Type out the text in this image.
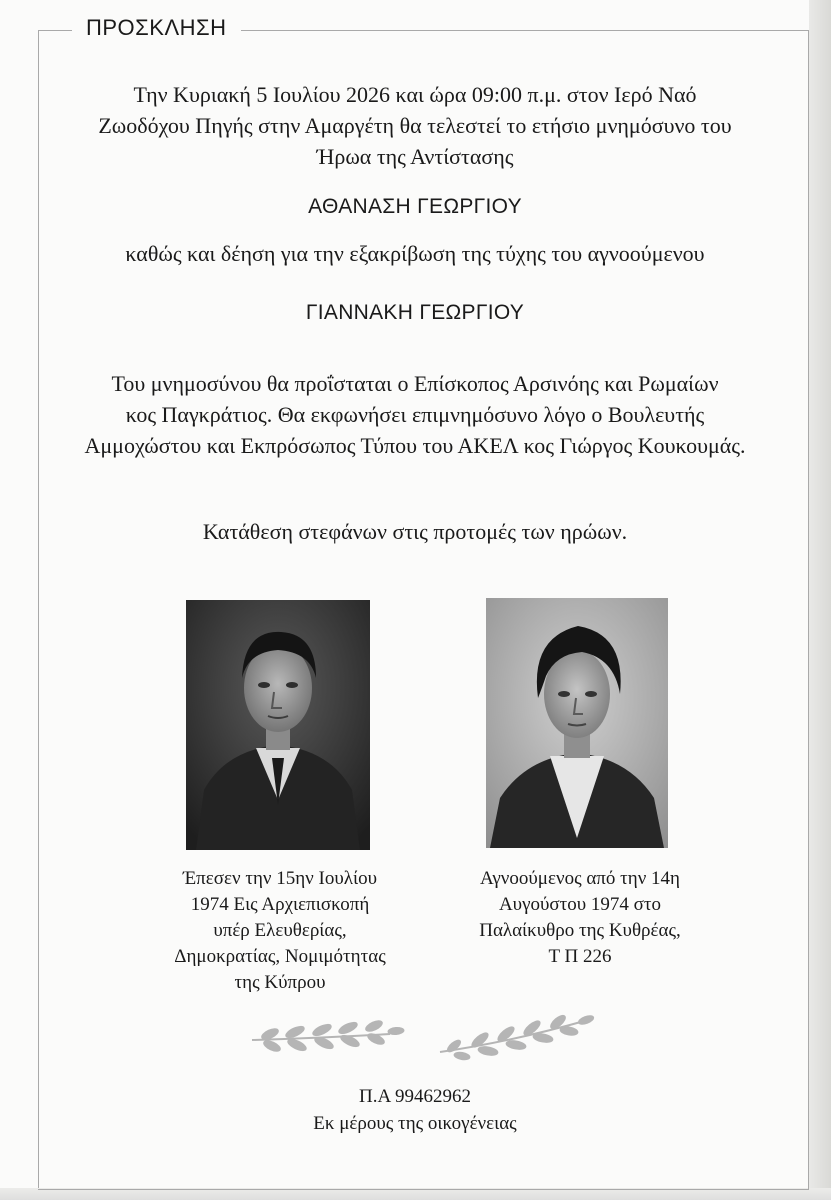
ΠΡΟΣΚΛΗΣΗ
Την Κυριακή 5 Ιουλίου 2026 και ώρα 09:00 π.μ. στον Ιερό Ναό
Ζωοδόχου Πηγής στην Αμαργέτη θα τελεστεί το ετήσιο μνημόσυνο του
Ήρωα της Αντίστασης
ΑΘΑΝΑΣΗ ΓΕΩΡΓΙΟΥ
καθώς και δέηση για την εξακρίβωση της τύχης του αγνοούμενου
ΓΙΑΝΝΑΚΗ ΓΕΩΡΓΙΟΥ
Του μνημοσύνου θα προΐσταται ο Επίσκοπος Αρσινόης και Ρωμαίων
κος Παγκράτιος. Θα εκφωνήσει επιμνημόσυνο λόγο ο Βουλευτής
Αμμοχώστου και Εκπρόσωπος Τύπου του ΑΚΕΛ κος Γιώργος Κουκουμάς.
Κατάθεση στεφάνων στις προτομές των ηρώων.
Έπεσεν την 15ην Ιουλίου
1974 Εις Αρχιεπισκοπή
υπέρ Ελευθερίας,
Δημοκρατίας, Νομιμότητας
της Κύπρου
Αγνοούμενος από την 14η
Αυγούστου 1974 στο
Παλαίκυθρο της Κυθρέας,
Τ Π 226
Π.Α 99462962
Εκ μέρους της οικογένειας
